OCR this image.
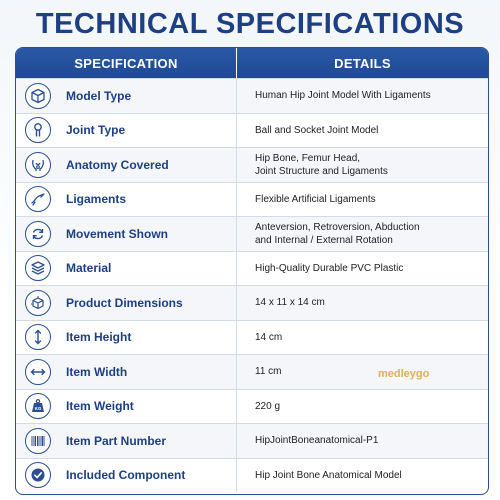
TECHNICAL SPECIFICATIONS
SPECIFICATION	DETAILS
Model Type	Human Hip Joint Model With Ligaments
Joint Type	Ball and Socket Joint Model
Anatomy Covered	Hip Bone, Femur Head,
Joint Structure and Ligaments
Ligaments	Flexible Artificial Ligaments
Movement Shown	Anteversion, Retroversion, Abduction
and Internal / External Rotation
Material	High-Quality Durable PVC Plastic
Product Dimensions	14 x 11 x 14 cm
Item Height	14 cm
Item Width	11 cm
KG Item Weight	220 g
Item Part Number	HipJointBoneanatomical-P1
Included Component	Hip Joint Bone Anatomical Model
medleygo
